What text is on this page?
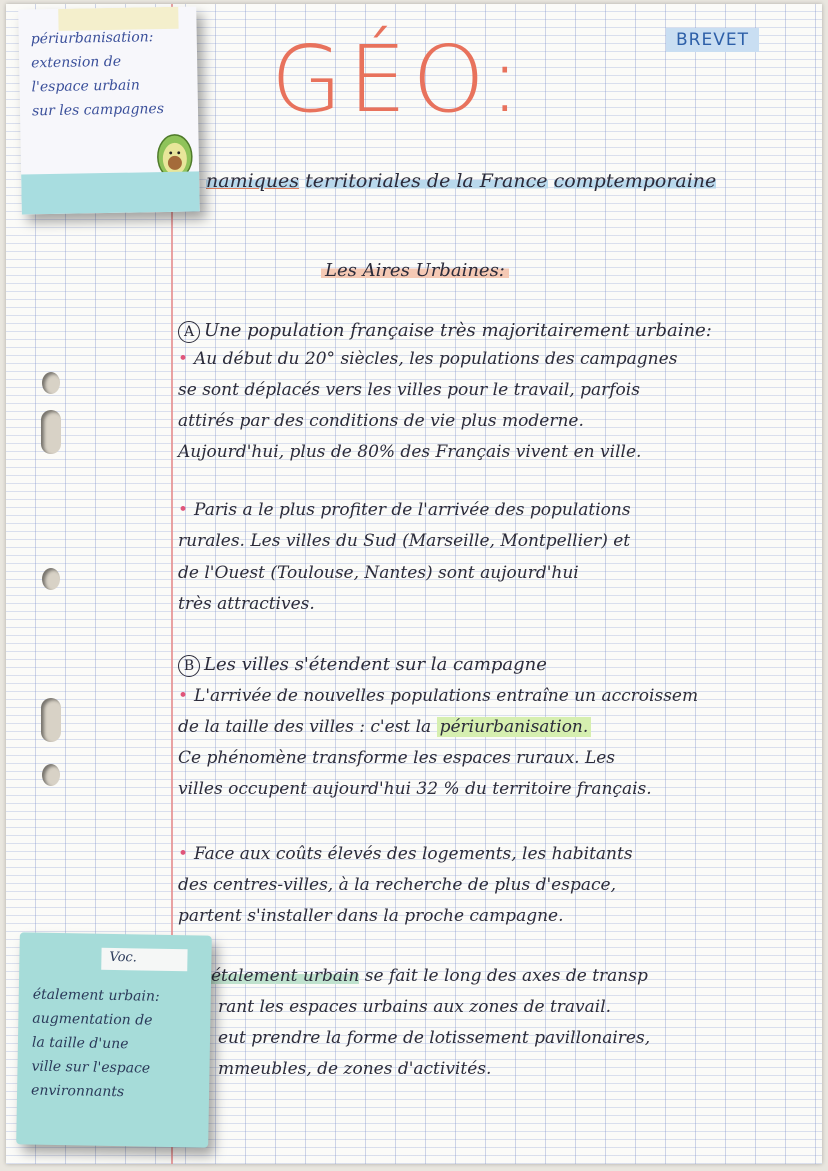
GÉO:	BREVET
namiques territoriales de la France comptemporaine
Les Aires Urbaines:
A Une population française très majoritairement urbaine:
• Au début du 20° siècles, les populations des campagnes
se sont déplacés vers les villes pour le travail, parfois
attirés par des conditions de vie plus moderne.
Aujourd'hui, plus de 80% des Français vivent en ville.
• Paris a le plus profiter de l'arrivée des populations
rurales. Les villes du Sud (Marseille, Montpellier) et
de l'Ouest (Toulouse, Nantes) sont aujourd'hui
très attractives.
B Les villes s'étendent sur la campagne
• L'arrivée de nouvelles populations entraîne un accroissem
de la taille des villes : c'est la périurbanisation.
Ce phénomène transforme les espaces ruraux. Les
villes occupent aujourd'hui 32 % du territoire français.
• Face aux coûts élevés des logements, les habitants
des centres-villes, à la recherche de plus d'espace,
partent s'installer dans la proche campagne.
étalement urbain se fait le long des axes de transp
rant les espaces urbains aux zones de travail.
eut prendre la forme de lotissement pavillonaires,
mmeubles, de zones d'activités.
périurbanisation:
extension de
l'espace urbain
sur les campagnes
Voc.
étalement urbain:
augmentation de
la taille d'une
ville sur l'espace
environnants
